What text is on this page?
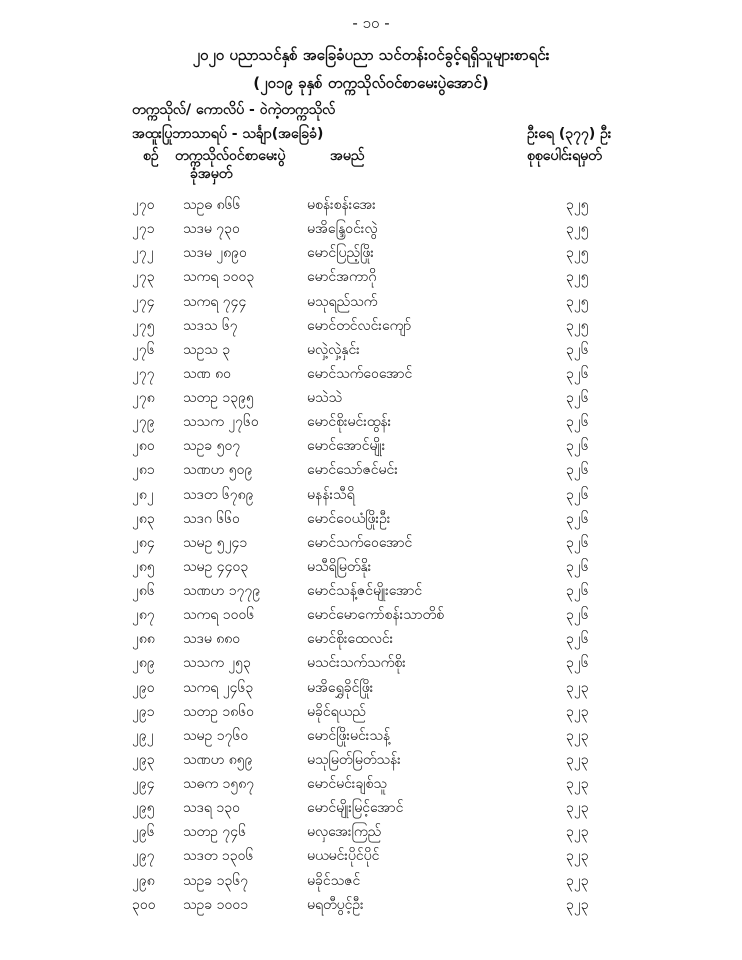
- ၁၀ -
၂၀၂၀ ပညာသင်နှစ် အခြေခံပညာ သင်တန်းဝင်ခွင့်ရရှိသူများစာရင်း
(၂၀၁၉ ခုနှစ် တက္ကသိုလ်ဝင်စာမေးပွဲအောင်)
တက္ကသိုလ်/ ကောလိပ် - ဝဲကဲ့တက္ကသိုလ်
အထူးပြုဘာသာရပ် - သင်္ချာ(အခြေခံ)	ဦးရေ (၃၇၇) ဦး
စဉ် တက္ကသိုလ်ဝင်စာမေးပွဲ
ခုံအမှတ်
အမည်	စုစုပေါင်းရမှတ်
၂၇၀ သဥဓ ၈၆၆	မစန်းစန်းအေး	၃၂၅
၂၇၁ သဒမ ၇၃၀	မအိန္ဒြေဝင်းလွဲ	၃၂၅
၂၇၂ သဒမ ၂၈၉၀	မောင်ပြည့်ဖြိုး	၃၂၅
၂၇၃ သကရ ၁၀၀၃	မောင်အကာဂို	၃၂၅
၂၇၄ သကရ ၇၄၄	မသုရည်သက်	၃၂၅
၂၇၅ သဒသ ၆၇	မောင်တင်လင်းကျော်	၃၂၅
၂၇၆ သဥသ ၃	မလှဲ့လှဲ့နှင်း	၃၂၆
၂၇၇ သဏ ၈၀	မောင်သက်ဝေအောင်	၃၂၆
၂၇၈ သတဥ ၁၃၉၅	မသဲသဲ	၃၂၆
၂၇၉ သသက ၂၇၆၀	မောင်စိုးမင်းထွန်း	၃၂၆
၂၈၀ သဥခ ၅၀၇	မောင်အောင်မျိုး	၃၂၆
၂၈၁ သဏဟ ၅၀၉	မောင်သော်ဇင်မင်း	၃၂၆
၂၈၂ သဒတ ၆၇၈၉	မနန်းသီရိ	၃၂၆
၂၈၃ သဒဂ ၆၆၀	မောင်ဝေယံဖြိုးဦး	၃၂၆
၂၈၄ သမဥ ၅၂၄၁	မောင်သက်ဝေအောင်	၃၂၆
၂၈၅ သမဥ ၄၄၀၃	မသီရိမြတ်နိုး	၃၂၆
၂၈၆ သဏဟ ၁၇၇၉	မောင်သန့်ဇင်မျိုးအောင်	၃၂၆
၂၈၇ သကရ ၁၀၀၆	မောင်မောကော်စန်းသာတိစ်	၃၂၆
၂၈၈ သဒမ ၈၈၀	မောင်စိုးထေလင်း	၃၂၆
၂၈၉ သသက ၂၅၃	မသင်းသက်သက်စိုး	၃၂၆
၂၉၀ သကရ ၂၄၆၃	မအိရွှေခိုင်ဖြိုး	၃၂၃
၂၉၁ သတဥ ၁၈၆၀	မခိုင်ရယည်	၃၂၃
၂၉၂ သမဥ ၁၇၆၀	မောင်ဖြိုးမင်းသန့်	၃၂၃
၂၉၃ သဏဟ ၈၅၉	မသုမြတ်မြတ်သန်း	၃၂၃
၂၉၄ သဓက ၁၅၈၇	မောင်မင်းချစ်သူ	၃၂၃
၂၉၅ သဒရ ၁၃၀	မောင်မျိုးမြင့်အောင်	၃၂၃
၂၉၆ သတဥ ၇၄၆	မလှအေးကြည်	၃၂၃
၂၉၇ သဒတ ၁၃၀၆	မယမင်းပိုင်ပိုင်	၃၂၃
၂၉၈ သဥခ ၁၃၆၇	မခိုင်သဇင်	၃၂၃
၃၀၀ သဥခ ၁၀၀၁	မရတီပွင့်ဦး	၃၂၃
